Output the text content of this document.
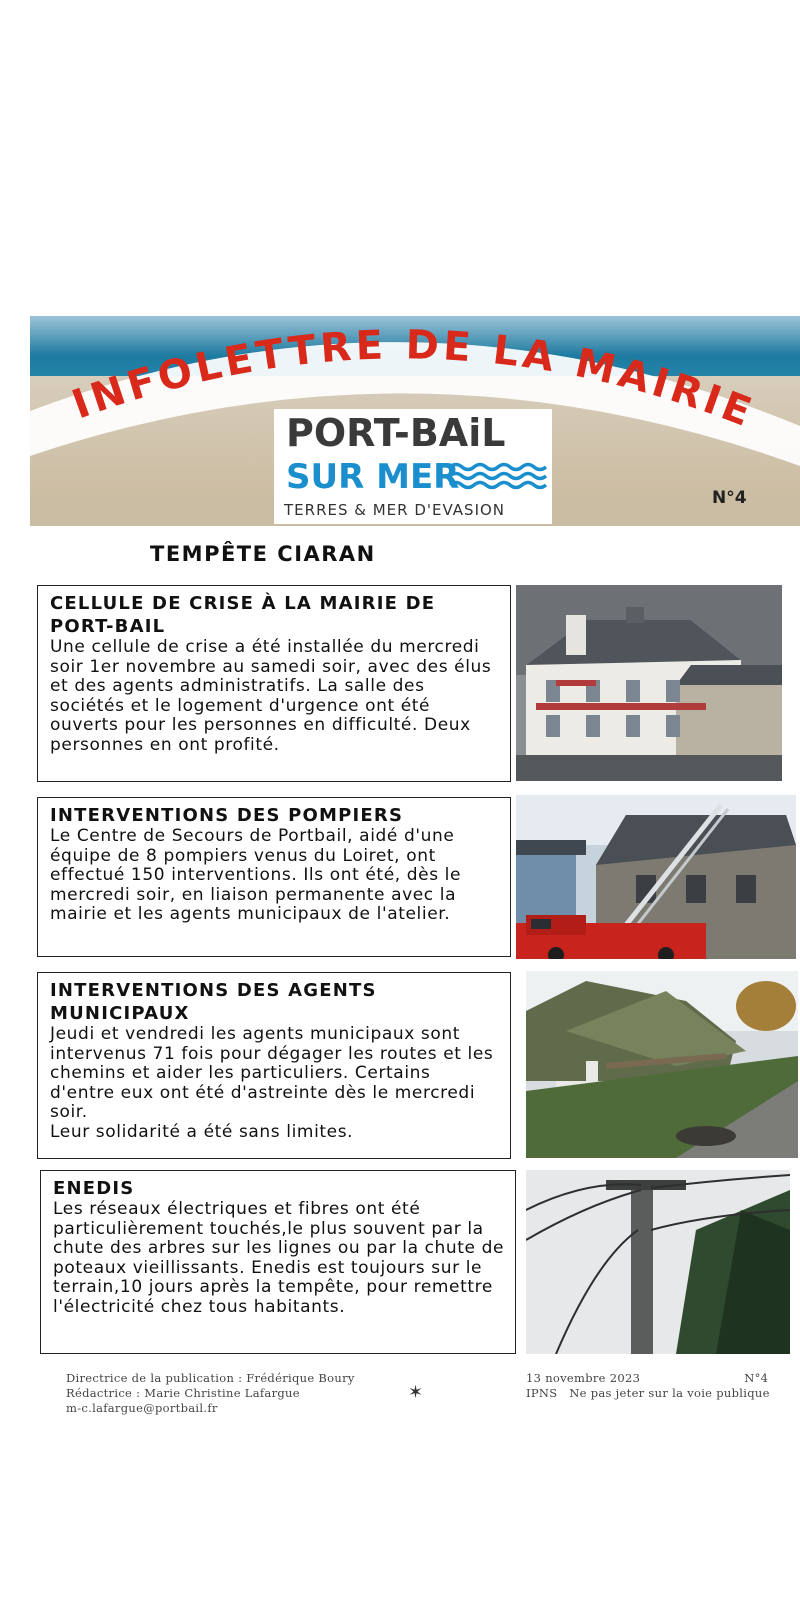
INFOLETTRE DE LA MAIRIE
PORT-BAiL
SUR MER
TERRES & MER D'EVASION
N°4
TEMPÊTE CIARAN
CELLULE DE CRISE À LA MAIRIE DE PORT-BAIL

Une cellule de crise a été installée du mercredi soir 1er novembre au samedi soir, avec des élus et des agents administratifs. La salle des sociétés et le logement d'urgence ont été ouverts pour les personnes en difficulté. Deux personnes en ont profité.

INTERVENTIONS DES POMPIERS

Le Centre de Secours de Portbail, aidé d'une équipe de 8 pompiers venus du Loiret, ont effectué 150 interventions. Ils ont été, dès le mercredi soir, en liaison permanente avec la mairie et les agents municipaux de l'atelier.

INTERVENTIONS DES AGENTS MUNICIPAUX

Jeudi et vendredi les agents municipaux sont intervenus 71 fois pour dégager les routes et les chemins et aider les particuliers. Certains d'entre eux ont été d'astreinte dès le mercredi soir.
Leur solidarité a été sans limites.

ENEDIS

Les réseaux électriques et fibres ont été particulièrement touchés,le plus souvent par la chute des arbres sur les lignes ou par la chute de poteaux vieillissants. Enedis est toujours sur le terrain,10 jours après la tempête, pour remettre l'électricité chez tous habitants.

Directrice de la publication : Frédérique Boury
Rédactrice : Marie Christine Lafargue
m-c.lafargue@portbail.fr
✶
13 novembre 2023	N°4
IPNS   Ne pas jeter sur la voie publique
